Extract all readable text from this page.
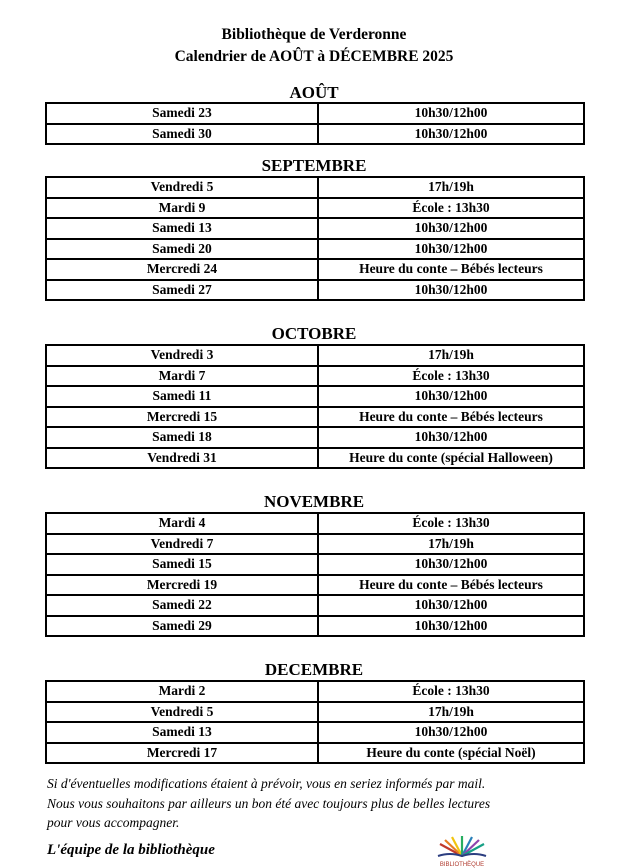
Bibliothèque de Verderonne
Calendrier de AOÛT à DÉCEMBRE 2025
AOÛT
Samedi 23	10h30/12h00
Samedi 30	10h30/12h00
SEPTEMBRE
Vendredi 5	17h/19h
Mardi 9	École : 13h30
Samedi 13	10h30/12h00
Samedi 20	10h30/12h00
Mercredi 24	Heure du conte – Bébés lecteurs
Samedi 27	10h30/12h00
OCTOBRE
Vendredi 3	17h/19h
Mardi 7	École : 13h30
Samedi 11	10h30/12h00
Mercredi 15	Heure du conte – Bébés lecteurs
Samedi 18	10h30/12h00
Vendredi 31	Heure du conte (spécial Halloween)
NOVEMBRE
Mardi 4	École : 13h30
Vendredi 7	17h/19h
Samedi 15	10h30/12h00
Mercredi 19	Heure du conte – Bébés lecteurs
Samedi 22	10h30/12h00
Samedi 29	10h30/12h00
DECEMBRE
Mardi 2	École : 13h30
Vendredi 5	17h/19h
Samedi 13	10h30/12h00
Mercredi 17	Heure du conte (spécial Noël)
Si d'éventuelles modifications étaient à prévoir, vous en seriez informés par mail.
Nous vous souhaitons par ailleurs un bon été avec toujours plus de belles lectures
pour vous accompagner.
L'équipe de la bibliothèque
BIBLIOTHÈQUE
